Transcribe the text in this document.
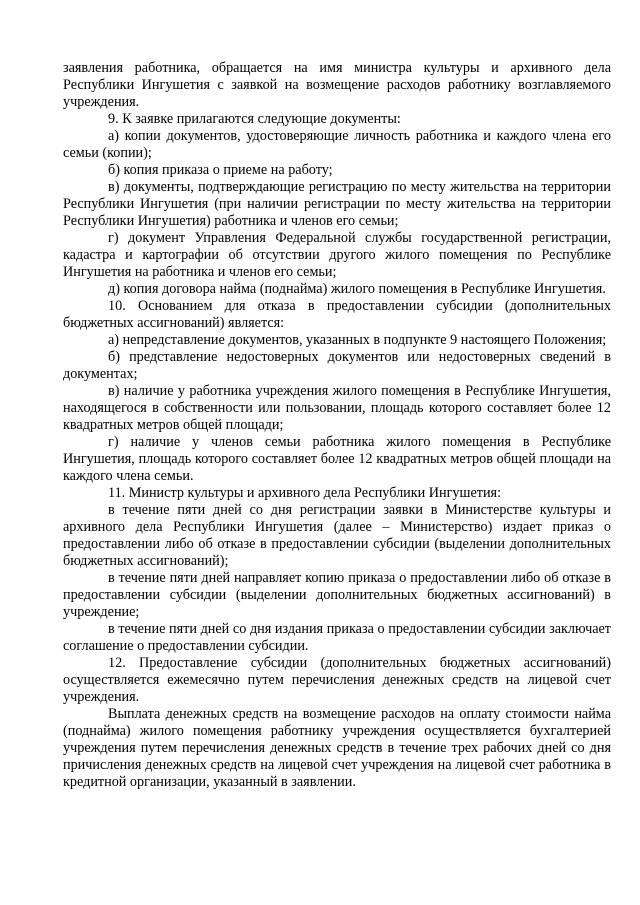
заявления работника, обращается на имя министра культуры и архивного дела Республики Ингушетия с заявкой на возмещение расходов работнику возглавляемого учреждения.

9. К заявке прилагаются следующие документы:

а) копии документов, удостоверяющие личность работника и каждого члена его семьи (копии);

б) копия приказа о приеме на работу;

в) документы, подтверждающие регистрацию по месту жительства на территории Республики Ингушетия (при наличии регистрации по месту жительства на территории Республики Ингушетия) работника и членов его семьи;

г) документ Управления Федеральной службы государственной регистрации, кадастра и картографии об отсутствии другого жилого помещения по Республике Ингушетия на работника и членов его семьи;

д) копия договора найма (поднайма) жилого помещения в Республике Ингушетия.

10. Основанием для отказа в предоставлении субсидии (дополнительных бюджетных ассигнований) является:

а) непредставление документов, указанных в подпункте 9 настоящего Положения;

б) представление недостоверных документов или недостоверных сведений в документах;

в) наличие у работника учреждения жилого помещения в Республике Ингушетия, находящегося в собственности или пользовании, площадь которого составляет более 12 квадратных метров общей площади;

г) наличие у членов семьи работника жилого помещения в Республике Ингушетия, площадь которого составляет более 12 квадратных метров общей площади на каждого члена семьи.

11. Министр культуры и архивного дела Республики Ингушетия:

в течение пяти дней со дня регистрации заявки в Министерстве культуры и архивного дела Республики Ингушетия (далее – Министерство) издает приказ о предоставлении либо об отказе в предоставлении субсидии (выделении дополнительных бюджетных ассигнований);

в течение пяти дней направляет копию приказа о предоставлении либо об отказе в предоставлении субсидии (выделении дополнительных бюджетных ассигнований) в учреждение;

в течение пяти дней со дня издания приказа о предоставлении субсидии заключает соглашение о предоставлении субсидии.

12. Предоставление субсидии (дополнительных бюджетных ассигнований) осуществляется ежемесячно путем перечисления денежных средств на лицевой счет учреждения.

Выплата денежных средств на возмещение расходов на оплату стоимости найма (поднайма) жилого помещения работнику учреждения осуществляется бухгалтерией учреждения путем перечисления денежных средств в течение трех рабочих дней со дня причисления денежных средств на лицевой счет учреждения на лицевой счет работника в кредитной организации, указанный в заявлении.
